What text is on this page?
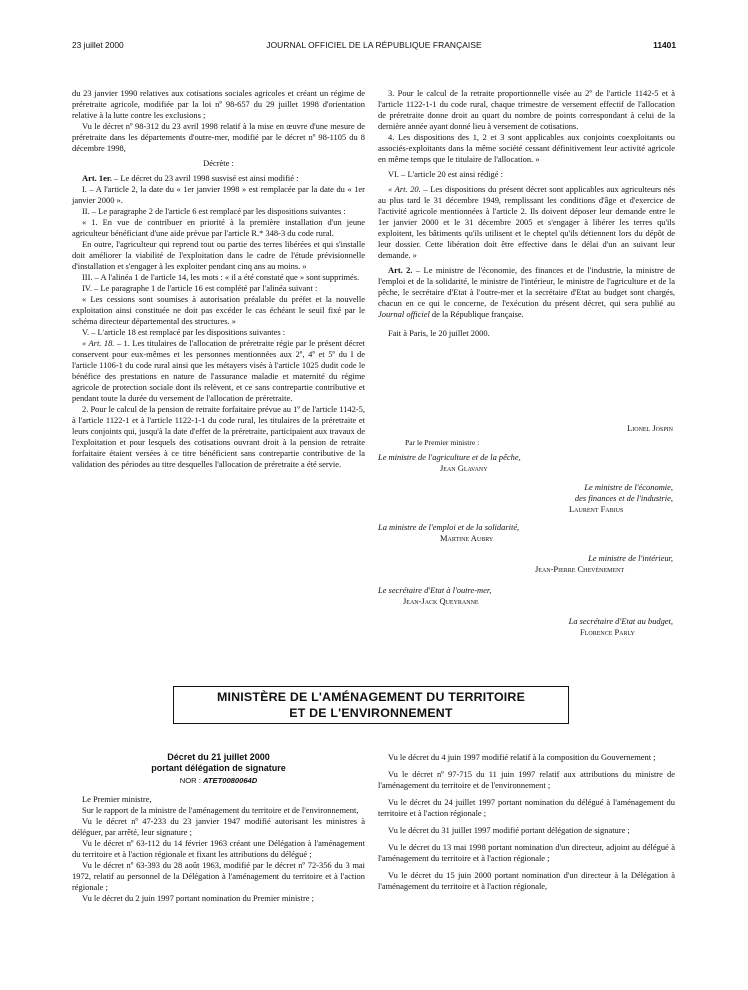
23 juillet 2000	JOURNAL OFFICIEL DE LA RÉPUBLIQUE FRANÇAISE	11401

du 23 janvier 1990 relatives aux cotisations sociales agricoles et créant un régime de préretraite agricole, modifiée par la loi nº 98-657 du 29 juillet 1998 d'orientation relative à la lutte contre les exclusions ;

Vu le décret nº 98-312 du 23 avril 1998 relatif à la mise en œuvre d'une mesure de préretraite dans les départements d'outre-mer, modifié par le décret nº 98-1105 du 8 décembre 1998,

Décrète :

Art. 1er. – Le décret du 23 avril 1998 susvisé est ainsi modifié :

I. – A l'article 2, la date du « 1er janvier 1998 » est remplacée par la date du « 1er janvier 2000 ».

II. – Le paragraphe 2 de l'article 6 est remplacé par les dispositions suivantes :

« 1. En vue de contribuer en priorité à la première installation d'un jeune agriculteur bénéficiant d'une aide prévue par l'article R.* 348-3 du code rural.

En outre, l'agriculteur qui reprend tout ou partie des terres libérées et qui s'installe doit améliorer la viabilité de l'exploitation dans le cadre de l'étude prévisionnelle d'installation et s'engager à les exploiter pendant cinq ans au moins. »

III. – A l'alinéa 1 de l'article 14, les mots : « il a été constaté que » sont supprimés.

IV. – Le paragraphe 1 de l'article 16 est complété par l'alinéa suivant :

« Les cessions sont soumises à autorisation préalable du préfet et la nouvelle exploitation ainsi constituée ne doit pas excéder le cas échéant le seuil fixé par le schéma directeur départemental des structures. »

V. – L'article 18 est remplacé par les dispositions suivantes :

« Art. 18. – 1. Les titulaires de l'allocation de préretraite régie par le présent décret conservent pour eux-mêmes et les personnes mentionnées aux 2º, 4º et 5º du I de l'article 1106-1 du code rural ainsi que les métayers visés à l'article 1025 dudit code le bénéfice des prestations en nature de l'assurance maladie et maternité du régime agricole de protection sociale dont ils relèvent, et ce sans contrepartie contributive et pendant toute la durée du versement de l'allocation de préretraite.

2. Pour le calcul de la pension de retraite forfaitaire prévue au 1º de l'article 1142-5, à l'article 1122-1 et à l'article 1122-1-1 du code rural, les titulaires de la préretraite et leurs conjoints qui, jusqu'à la date d'effet de la préretraite, participaient aux travaux de l'exploitation et pour lesquels des cotisations ouvrant droit à la pension de retraite forfaitaire étaient versées à ce titre bénéficient sans contrepartie contributive de la validation des périodes au titre desquelles l'allocation de préretraite a été servie.

3. Pour le calcul de la retraite proportionnelle visée au 2º de l'article 1142-5 et à l'article 1122-1-1 du code rural, chaque trimestre de versement effectif de l'allocation de préretraite donne droit au quart du nombre de points correspondant à celui de la dernière année ayant donné lieu à versement de cotisations.

4. Les dispositions des 1, 2 et 3 sont applicables aux conjoints coexploitants ou associés-exploitants dans la même société cessant définitivement leur activité agricole en même temps que le titulaire de l'allocation. »

VI. – L'article 20 est ainsi rédigé :

« Art. 20. – Les dispositions du présent décret sont applicables aux agriculteurs nés au plus tard le 31 décembre 1949, remplissant les conditions d'âge et d'exercice de l'activité agricole mentionnées à l'article 2. Ils doivent déposer leur demande entre le 1er janvier 2000 et le 31 décembre 2005 et s'engager à libérer les terres qu'ils exploitent, les bâtiments qu'ils utilisent et le cheptel qu'ils détiennent lors du dépôt de leur dossier. Cette libération doit être effective dans le délai d'un an suivant leur demande. »

Art. 2. – Le ministre de l'économie, des finances et de l'industrie, la ministre de l'emploi et de la solidarité, le ministre de l'intérieur, le ministre de l'agriculture et de la pêche, le secrétaire d'Etat à l'outre-mer et la secrétaire d'Etat au budget sont chargés, chacun en ce qui le concerne, de l'exécution du présent décret, qui sera publié au Journal officiel de la République française.

Fait à Paris, le 20 juillet 2000.

Lionel Jospin
Par le Premier ministre :
Le ministre de l'agriculture et de la pêche,
Jean Glavany
Le ministre de l'économie,
des finances et de l'industrie,
Laurent Fabius
La ministre de l'emploi et de la solidarité,
Martine Aubry
Le ministre de l'intérieur,
Jean-Pierre Chevènement
Le secrétaire d'Etat à l'outre-mer,
Jean-Jack Queyranne
La secrétaire d'Etat au budget,
Florence Parly
MINISTÈRE DE L'AMÉNAGEMENT DU TERRITOIRE
ET DE L'ENVIRONNEMENT

Décret du 21 juillet 2000

portant délégation de signature

NOR : ATET0080064D

Le Premier ministre,

Sur le rapport de la ministre de l'aménagement du territoire et de l'environnement,

Vu le décret nº 47-233 du 23 janvier 1947 modifié autorisant les ministres à déléguer, par arrêté, leur signature ;

Vu le décret nº 63-112 du 14 février 1963 créant une Délégation à l'aménagement du territoire et à l'action régionale et fixant les attributions du délégué ;

Vu le décret nº 63-393 du 28 août 1963, modifié par le décret nº 72-356 du 3 mai 1972, relatif au personnel de la Délégation à l'aménagement du territoire et à l'action régionale ;

Vu le décret du 2 juin 1997 portant nomination du Premier ministre ;

Vu le décret du 4 juin 1997 modifié relatif à la composition du Gouvernement ;

Vu le décret nº 97-715 du 11 juin 1997 relatif aux attributions du ministre de l'aménagement du territoire et de l'environnement ;

Vu le décret du 24 juillet 1997 portant nomination du délégué à l'aménagement du territoire et à l'action régionale ;

Vu le décret du 31 juillet 1997 modifié portant délégation de signature ;

Vu le décret du 13 mai 1998 portant nomination d'un directeur, adjoint au délégué à l'aménagement du territoire et à l'action régionale ;

Vu le décret du 15 juin 2000 portant nomination d'un directeur à la Délégation à l'aménagement du territoire et à l'action régionale,
